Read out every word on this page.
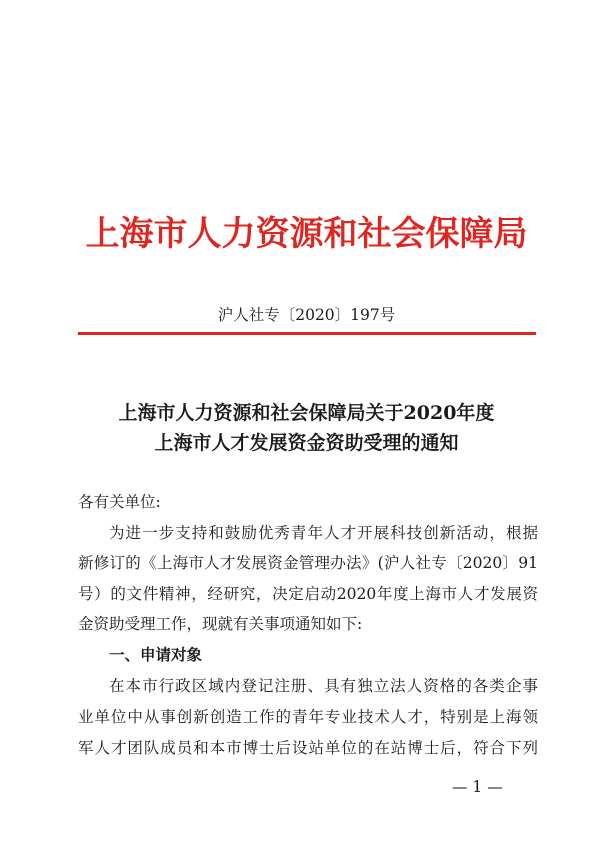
上海市人力资源和社会保障局
沪人社专〔2020〕197号
上海市人力资源和社会保障局关于2020年度
上海市人才发展资金资助受理的通知
各有关单位:
为进一步支持和鼓励优秀青年人才开展科技创新活动，根据
新修订的《上海市人才发展资金管理办法》(沪人社专〔2020〕91
号）的文件精神，经研究，决定启动2020年度上海市人才发展资
金资助受理工作，现就有关事项通知如下:
一、申请对象
在本市行政区域内登记注册、具有独立法人资格的各类企事
业单位中从事创新创造工作的青年专业技术人才，特别是上海领
军人才团队成员和本市博士后设站单位的在站博士后，符合下列
— 1 —
